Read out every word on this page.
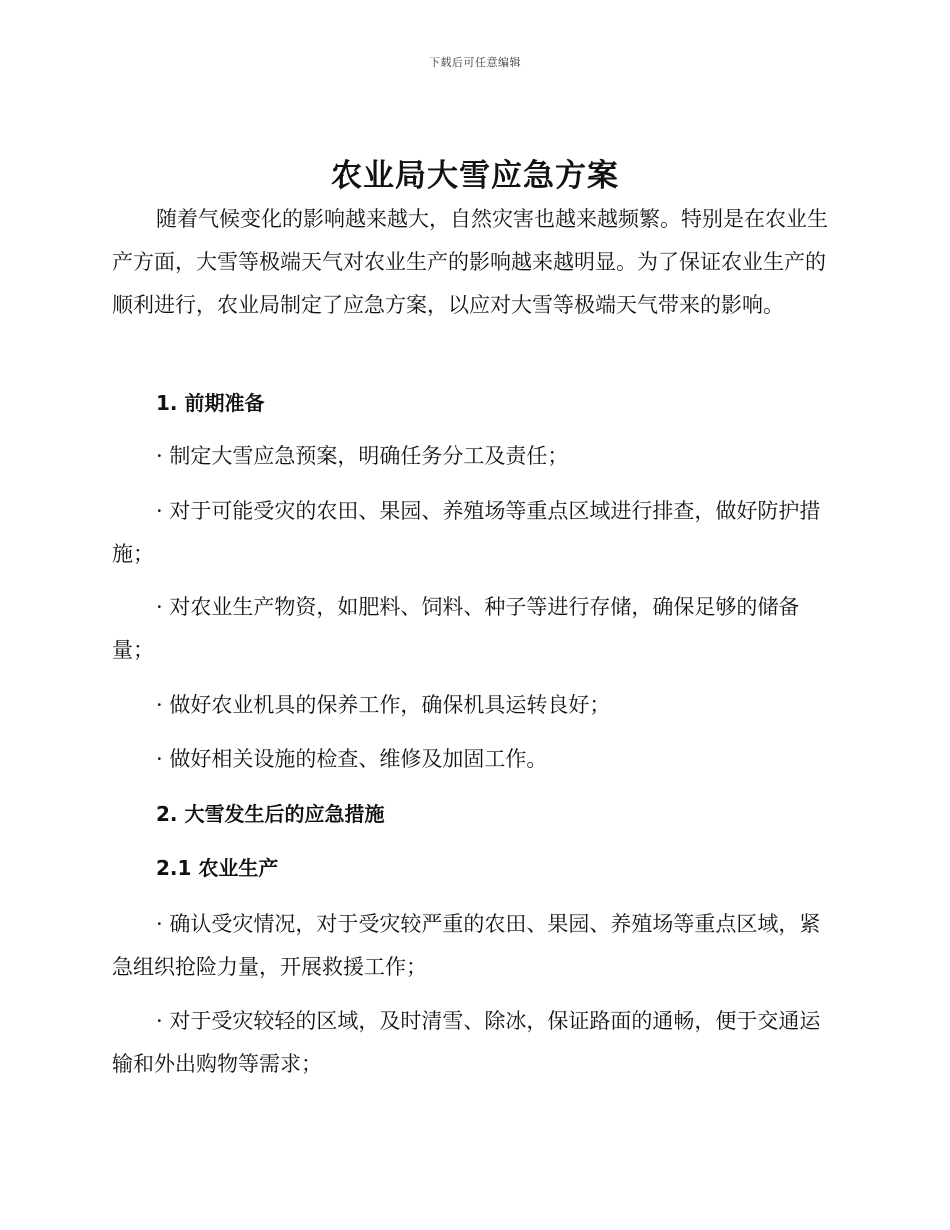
下载后可任意编辑
农业局大雪应急方案

随着气候变化的影响越来越大，自然灾害也越来越频繁。特别是在农业生产方面，大雪等极端天气对农业生产的影响越来越明显。为了保证农业生产的顺利进行，农业局制定了应急方案，以应对大雪等极端天气带来的影响。

1. 前期准备

· 制定大雪应急预案，明确任务分工及责任；

· 对于可能受灾的农田、果园、养殖场等重点区域进行排查，做好防护措施；

· 对农业生产物资，如肥料、饲料、种子等进行存储，确保足够的储备量；

· 做好农业机具的保养工作，确保机具运转良好；

· 做好相关设施的检查、维修及加固工作。

2. 大雪发生后的应急措施

2.1 农业生产

· 确认受灾情况，对于受灾较严重的农田、果园、养殖场等重点区域，紧急组织抢险力量，开展救援工作；

· 对于受灾较轻的区域，及时清雪、除冰，保证路面的通畅，便于交通运输和外出购物等需求；
